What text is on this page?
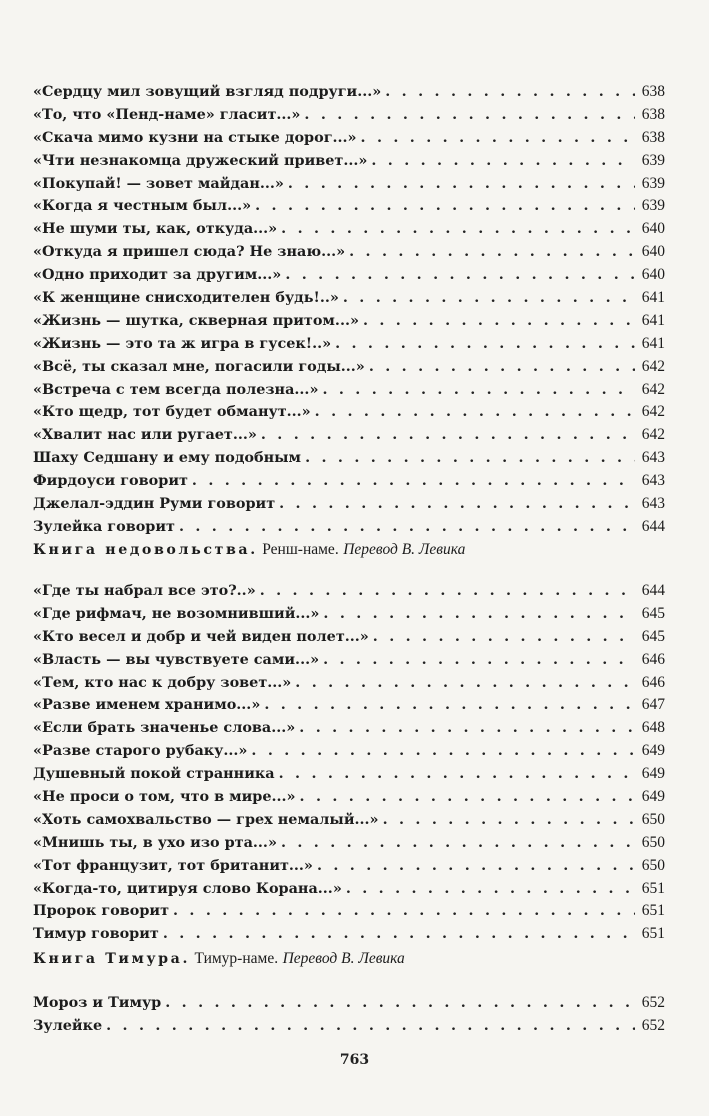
«Сердцу мил зовущий взгляд подруги...» . . .	638
«То, что «Пенд-наме» гласит...» . . .	638
«Скача мимо кузни на стыке дорог...» . . .	638
«Чти незнакомца дружеский привет...» . . .	639
«Покупай! — зовет майдан...» . . .	639
«Когда я честным был...» . . .	639
«Не шуми ты, как, откуда...» . . .	640
«Откуда я пришел сюда? Не знаю...» . . .	640
«Одно приходит за другим...» . . .	640
«К женщине снисходителен будь!..» . . .	641
«Жизнь — шутка, скверная притом...» . . .	641
«Жизнь — это та ж игра в гусек!..» . . .	641
«Всё, ты сказал мне, погасили годы...» . . .	642
«Встреча с тем всегда полезна...» . . .	642
«Кто щедр, тот будет обманут...» . . .	642
«Хвалит нас или ругает...» . . .	642
Шаху Седшану и ему подобным . . .	643
Фирдоуси говорит . . .	643
Джелал-эддин Руми говорит . . .	643
Зулейка говорит . . .	644
Книга недовольства. Ренш-наме. Перевод В. Левика
«Где ты набрал все это?..» . . .	644
«Где рифмач, не возомнивший...» . . .	645
«Кто весел и добр и чей виден полет...» . . .	645
«Власть — вы чувствуете сами...» . . .	646
«Тем, кто нас к добру зовет...» . . .	646
«Разве именем хранимо...» . . .	647
«Если брать значенье слова...» . . .	648
«Разве старого рубаку...» . . .	649
Душевный покой странника . . .	649
«Не проси о том, что в мире...» . . .	649
«Хоть самохвальство — грех немалый...» . . .	650
«Мнишь ты, в ухо изо рта...» . . .	650
«Тот французит, тот британит...» . . .	650
«Когда-то, цитируя слово Корана...» . . .	651
Пророк говорит . . .	651
Тимур говорит . . .	651
Книга Тимура. Тимур-наме. Перевод В. Левика
Мороз и Тимур . . .	652
Зулейке . . .	652
763
